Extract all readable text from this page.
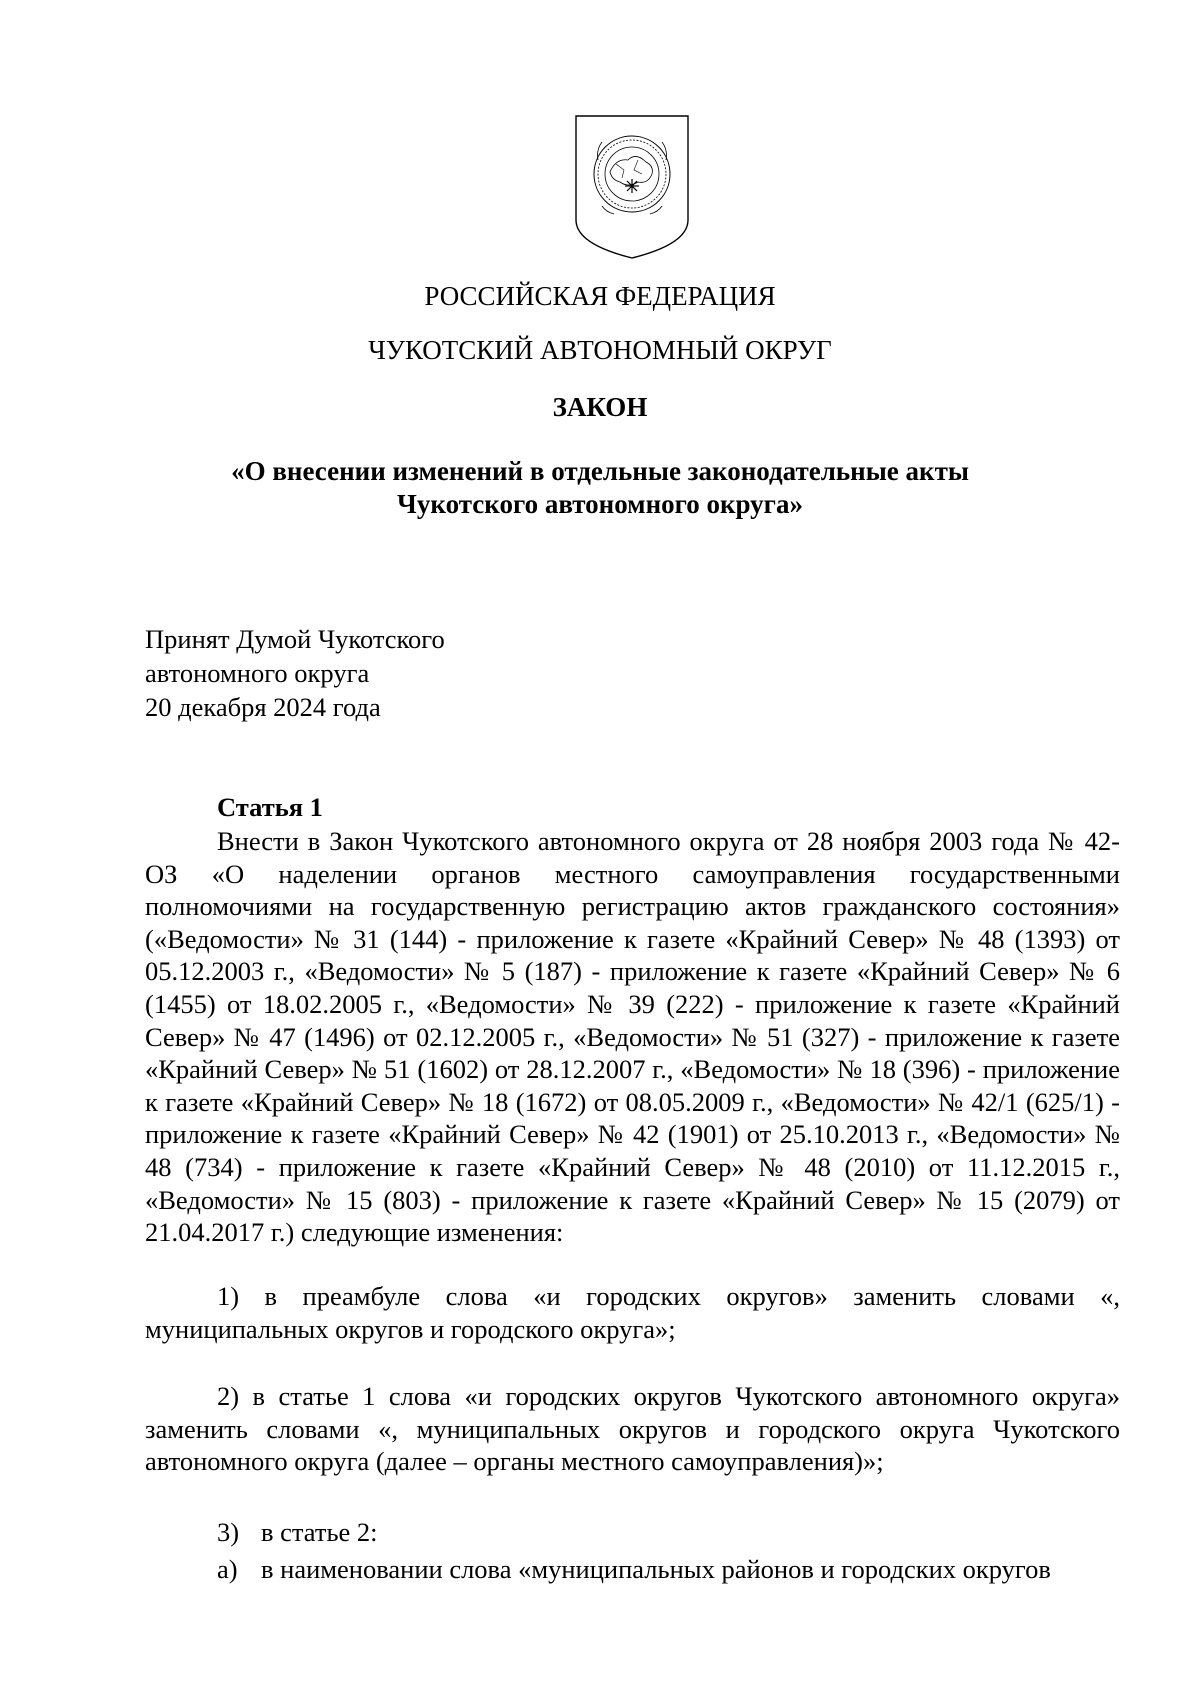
РОССИЙСКАЯ ФЕДЕРАЦИЯ
ЧУКОТСКИЙ АВТОНОМНЫЙ ОКРУГ
ЗАКОН
«О внесении изменений в отдельные законодательные акты
Чукотского автономного округа»
Принят Думой Чукотского
автономного округа
20 декабря 2024 года
Статья 1

Внести в Закон Чукотского автономного округа от 28 ноября 2003 года № 42-ОЗ «О наделении органов местного самоуправления государственными полномочиями на государственную регистрацию актов гражданского состояния» («Ведомости» № 31 (144) - приложение к газете «Крайний Север» № 48 (1393) от 05.12.2003 г., «Ведомости» № 5 (187) - приложение к газете «Крайний Север» № 6 (1455) от 18.02.2005 г., «Ведомости» № 39 (222) - приложение к газете «Крайний Север» № 47 (1496) от 02.12.2005 г., «Ведомости» № 51 (327) - приложение к газете «Крайний Север» № 51 (1602) от 28.12.2007 г., «Ведомости» № 18 (396) - приложение к газете «Крайний Север» № 18 (1672) от 08.05.2009 г., «Ведомости» № 42/1 (625/1) - приложение к газете «Крайний Север» № 42 (1901) от 25.10.2013 г., «Ведомости» № 48 (734) - приложение к газете «Крайний Север» № 48 (2010) от 11.12.2015 г., «Ведомости» № 15 (803) - приложение к газете «Крайний Север» № 15 (2079) от 21.04.2017 г.) следующие изменения:

1) в преамбуле слова «и городских округов» заменить словами «, муниципальных округов и городского округа»;

2) в статье 1 слова «и городских округов Чукотского автономного округа» заменить словами «, муниципальных округов и городского округа Чукотского автономного округа (далее – органы местного самоуправления)»;

3) в статье 2:
а) в наименовании слова «муниципальных районов и городских округов
